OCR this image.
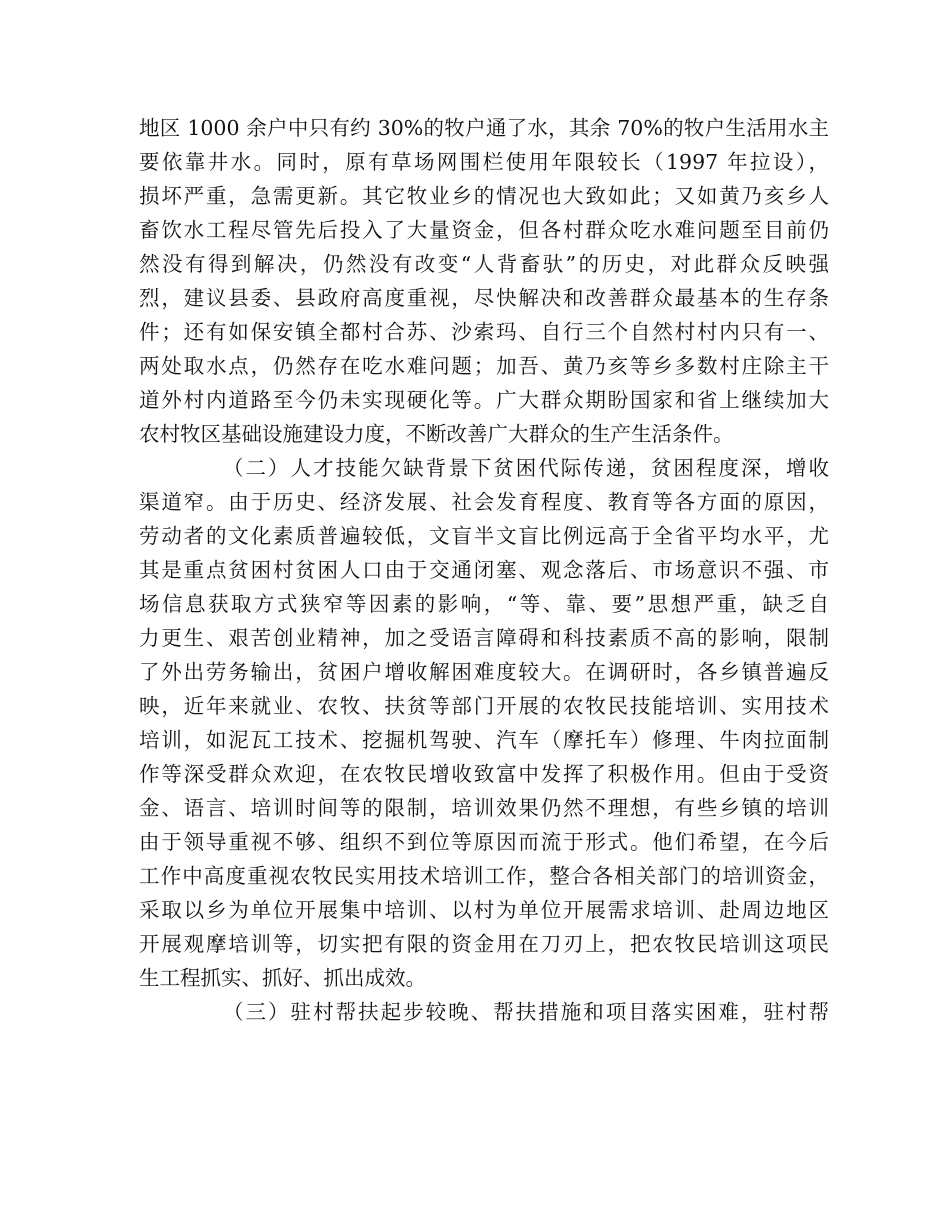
地区 1000 余户中只有约 30%的牧户通了水，其余 70%的牧户生活用水主
要依靠井水。同时，原有草场网围栏使用年限较长（1997 年拉设），
损坏严重，急需更新。其它牧业乡的情况也大致如此；又如黄乃亥乡人
畜饮水工程尽管先后投入了大量资金，但各村群众吃水难问题至目前仍
然没有得到解决，仍然没有改变“人背畜驮”的历史，对此群众反映强
烈，建议县委、县政府高度重视，尽快解决和改善群众最基本的生存条
件；还有如保安镇全都村合苏、沙索玛、自行三个自然村村内只有一、
两处取水点，仍然存在吃水难问题；加吾、黄乃亥等乡多数村庄除主干
道外村内道路至今仍未实现硬化等。广大群众期盼国家和省上继续加大
农村牧区基础设施建设力度，不断改善广大群众的生产生活条件。
（二）人才技能欠缺背景下贫困代际传递，贫困程度深，增收
渠道窄。由于历史、经济发展、社会发育程度、教育等各方面的原因，
劳动者的文化素质普遍较低，文盲半文盲比例远高于全省平均水平，尤
其是重点贫困村贫困人口由于交通闭塞、观念落后、市场意识不强、市
场信息获取方式狭窄等因素的影响，“等、靠、要”思想严重，缺乏自
力更生、艰苦创业精神，加之受语言障碍和科技素质不高的影响，限制
了外出劳务输出，贫困户增收解困难度较大。在调研时，各乡镇普遍反
映，近年来就业、农牧、扶贫等部门开展的农牧民技能培训、实用技术
培训，如泥瓦工技术、挖掘机驾驶、汽车（摩托车）修理、牛肉拉面制
作等深受群众欢迎，在农牧民增收致富中发挥了积极作用。但由于受资
金、语言、培训时间等的限制，培训效果仍然不理想，有些乡镇的培训
由于领导重视不够、组织不到位等原因而流于形式。他们希望，在今后
工作中高度重视农牧民实用技术培训工作，整合各相关部门的培训资金，
采取以乡为单位开展集中培训、以村为单位开展需求培训、赴周边地区
开展观摩培训等，切实把有限的资金用在刀刃上，把农牧民培训这项民
生工程抓实、抓好、抓出成效。
（三）驻村帮扶起步较晚、帮扶措施和项目落实困难，驻村帮
